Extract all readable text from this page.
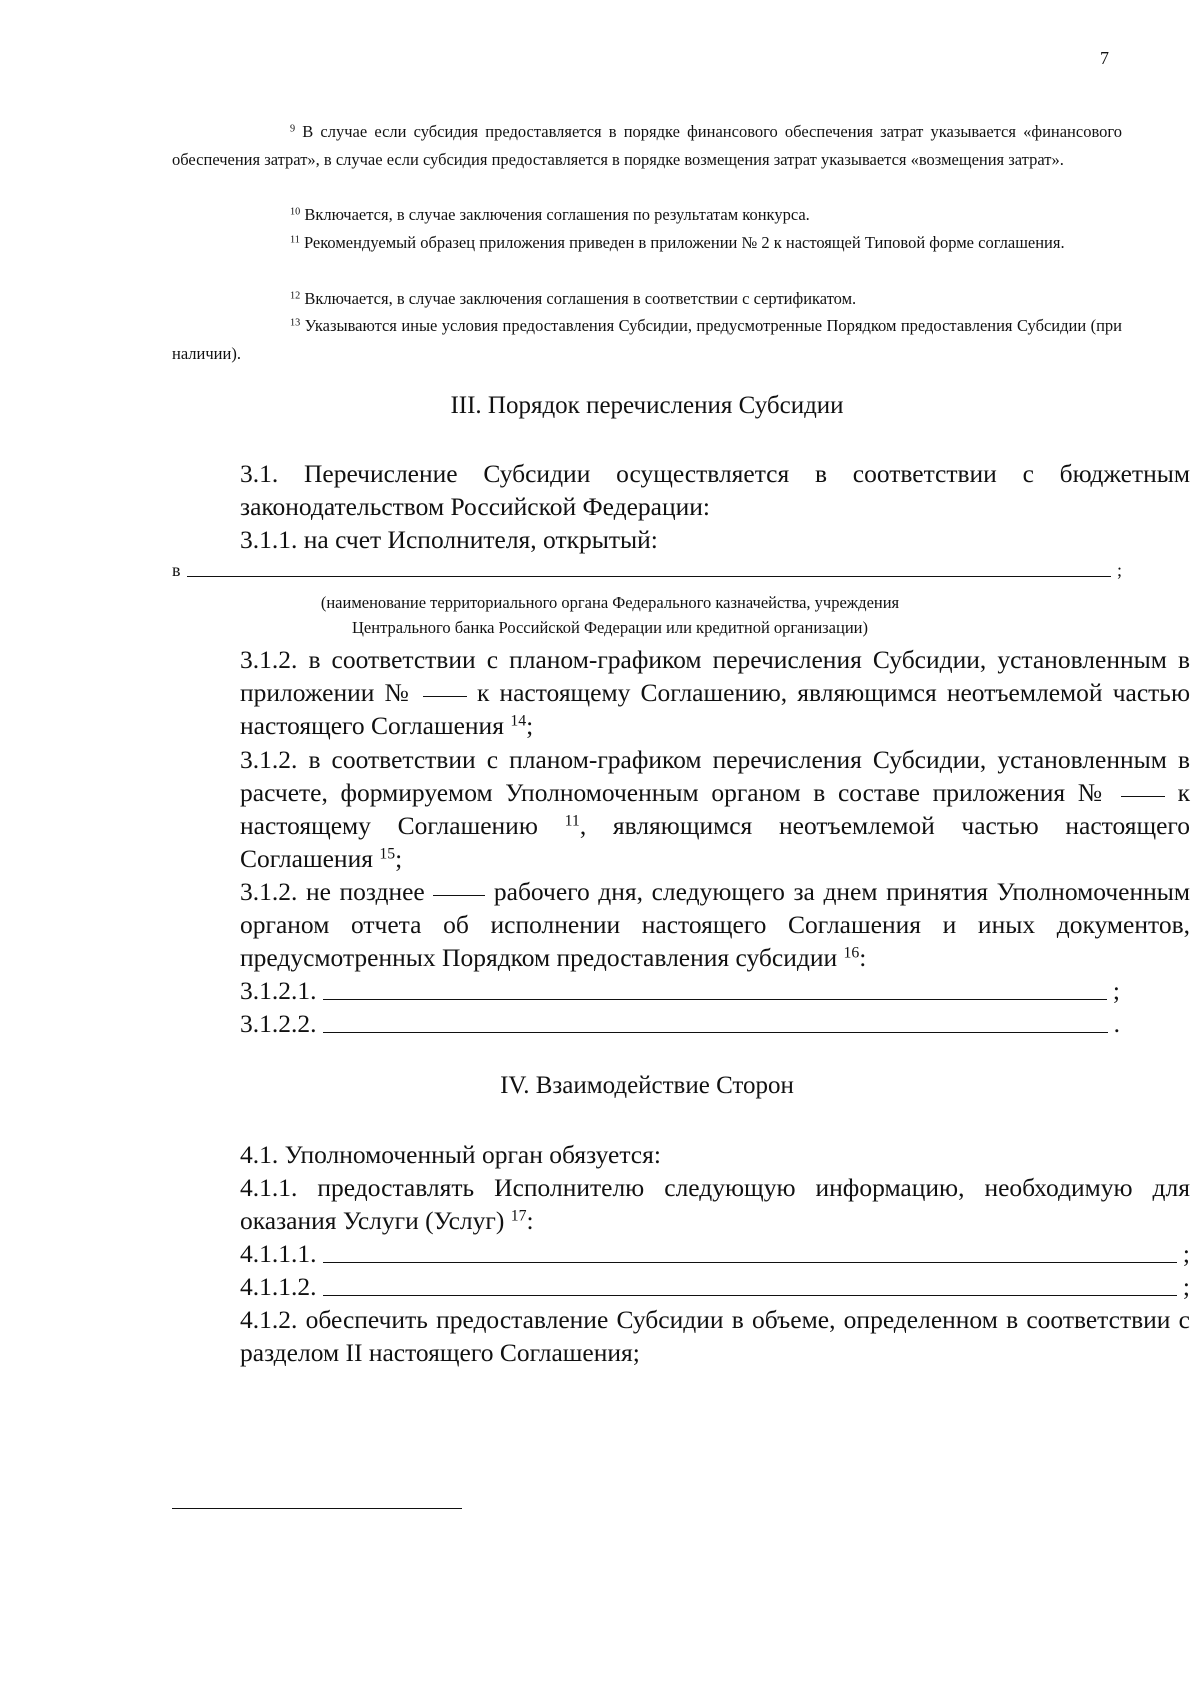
7
$^9$ В случае если субсидия предоставляется в порядке финансового обеспечения затрат указывается «финансового обеспечения затрат», в случае если субсидия предоставляется в порядке возмещения затрат указывается «возмещения затрат».
$^{10}$ Включается, в случае заключения соглашения по результатам конкурса.
$^{11}$ Рекомендуемый образец приложения приведен в приложении № 2 к настоящей Типовой форме соглашения.
$^{12}$ Включается, в случае заключения соглашения в соответствии с сертификатом.
$^{13}$ Указываются иные условия предоставления Субсидии, предусмотренные Порядком предоставления Субсидии (при наличии).
III. Порядок перечисления Субсидии
3.1. Перечисление Субсидии осуществляется в соответствии с бюджетным законодательством Российской Федерации:
3.1.1. на счет Исполнителя, открытый:
в	;
(наименование территориального органа Федерального казначейства, учреждения
Центрального банка Российской Федерации или кредитной организации)
3.1.2. в соответствии с планом-графиком перечисления Субсидии, установленным в приложении №	к настоящему Соглашению, являющимся неотъемлемой частью настоящего Соглашения $^{14}$;
3.1.2. в соответствии с планом-графиком перечисления Субсидии, установленным в расчете, формируемом Уполномоченным органом в составе приложения №	к настоящему Соглашению $^{11}$, являющимся неотъемлемой частью настоящего Соглашения $^{15}$;
3.1.2. не позднее	рабочего дня, следующего за днем принятия Уполномоченным органом отчета об исполнении настоящего Соглашения и иных документов, предусмотренных Порядком предоставления субсидии $^{16}$:
3.1.2.1.	;
3.1.2.2.	.
IV. Взаимодействие Сторон
4.1. Уполномоченный орган обязуется:
4.1.1. предоставлять Исполнителю следующую информацию, необходимую для оказания Услуги (Услуг) $^{17}$:
4.1.1.1.	;
4.1.1.2.	;
4.1.2. обеспечить предоставление Субсидии в объеме, определенном в соответствии с разделом II настоящего Соглашения;
